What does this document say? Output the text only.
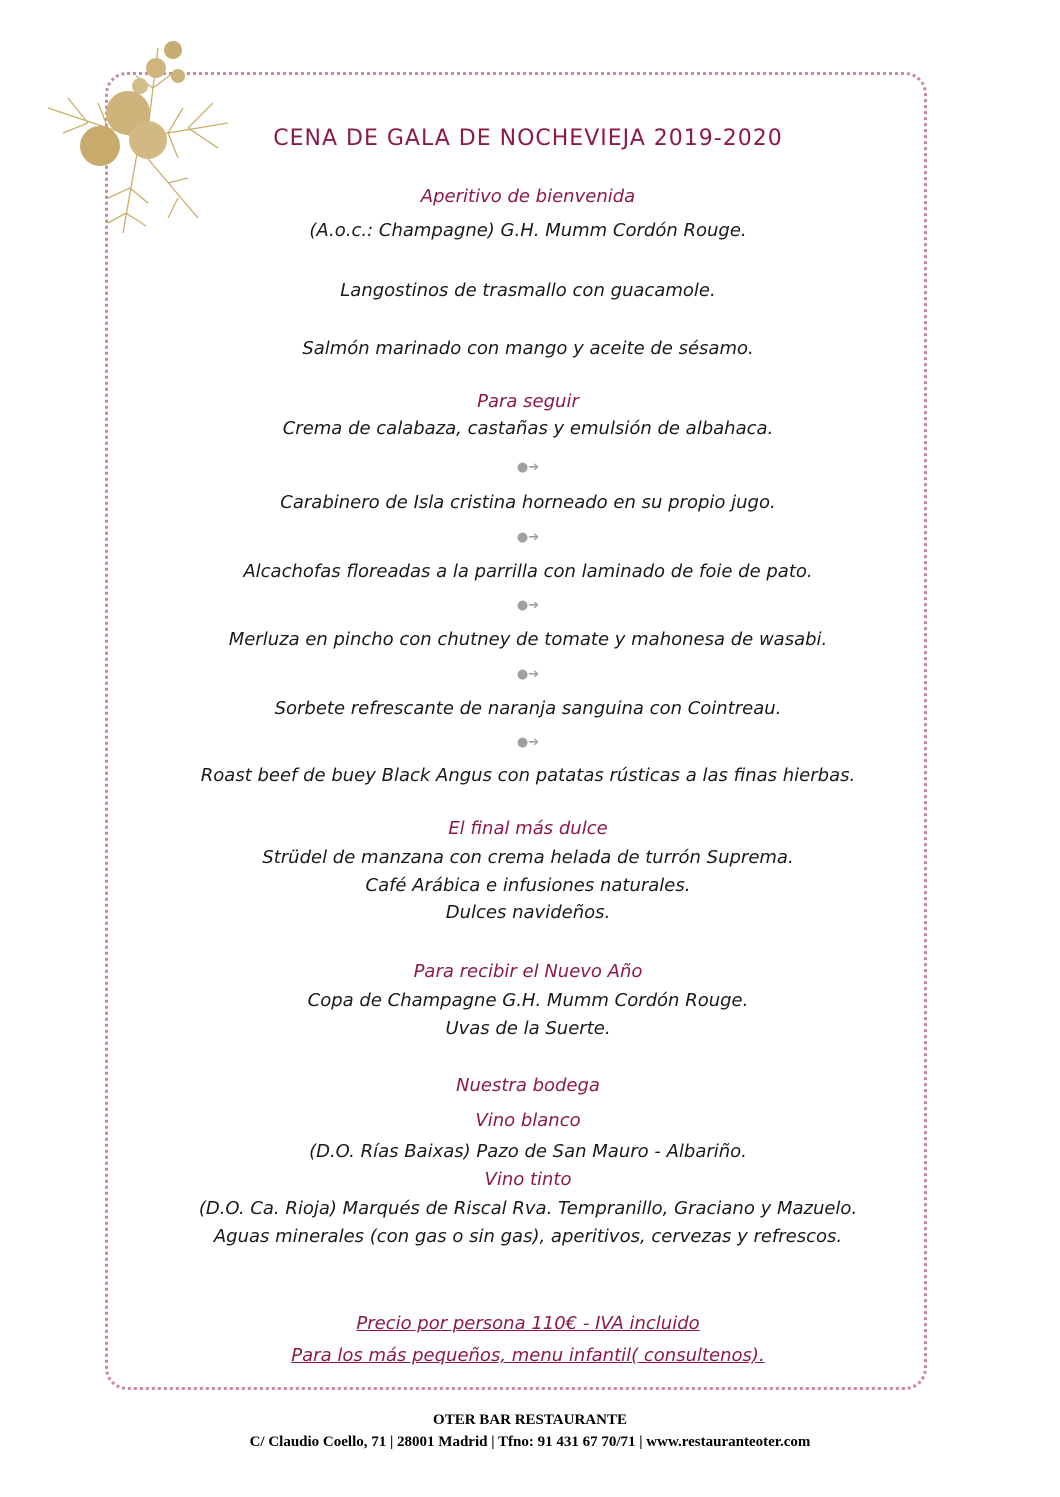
CENA DE GALA DE NOCHEVIEJA 2019-2020
Aperitivo de bienvenida
(A.o.c.: Champagne) G.H. Mumm Cordón Rouge.
Langostinos de trasmallo con guacamole.
Salmón marinado con mango y aceite de sésamo.
Para seguir
Crema de calabaza, castañas y emulsión de albahaca.
●➔
Carabinero de Isla cristina horneado en su propio jugo.
●➔
Alcachofas floreadas a la parrilla con laminado de foie de pato.
●➔
Merluza en pincho con chutney de tomate y mahonesa de wasabi.
●➔
Sorbete refrescante de naranja sanguina con Cointreau.
●➔
Roast beef de buey Black Angus con patatas rústicas a las finas hierbas.
El final más dulce
Strüdel de manzana con crema helada de turrón Suprema.
Café Arábica e infusiones naturales.
Dulces navideños.
Para recibir el Nuevo Año
Copa de Champagne G.H. Mumm Cordón Rouge.
Uvas de la Suerte.
Nuestra bodega
Vino blanco
(D.O. Rías Baixas) Pazo de San Mauro - Albariño.
Vino tinto
(D.O. Ca. Rioja) Marqués de Riscal Rva. Tempranillo, Graciano y Mazuelo.
Aguas minerales (con gas o sin gas), aperitivos, cervezas y refrescos.
Precio por persona 110€ - IVA incluido
Para los más pequeños, menu infantil( consultenos).
OTER BAR RESTAURANTE
C/ Claudio Coello, 71 | 28001 Madrid | Tfno: 91 431 67 70/71 | www.restauranteoter.com
